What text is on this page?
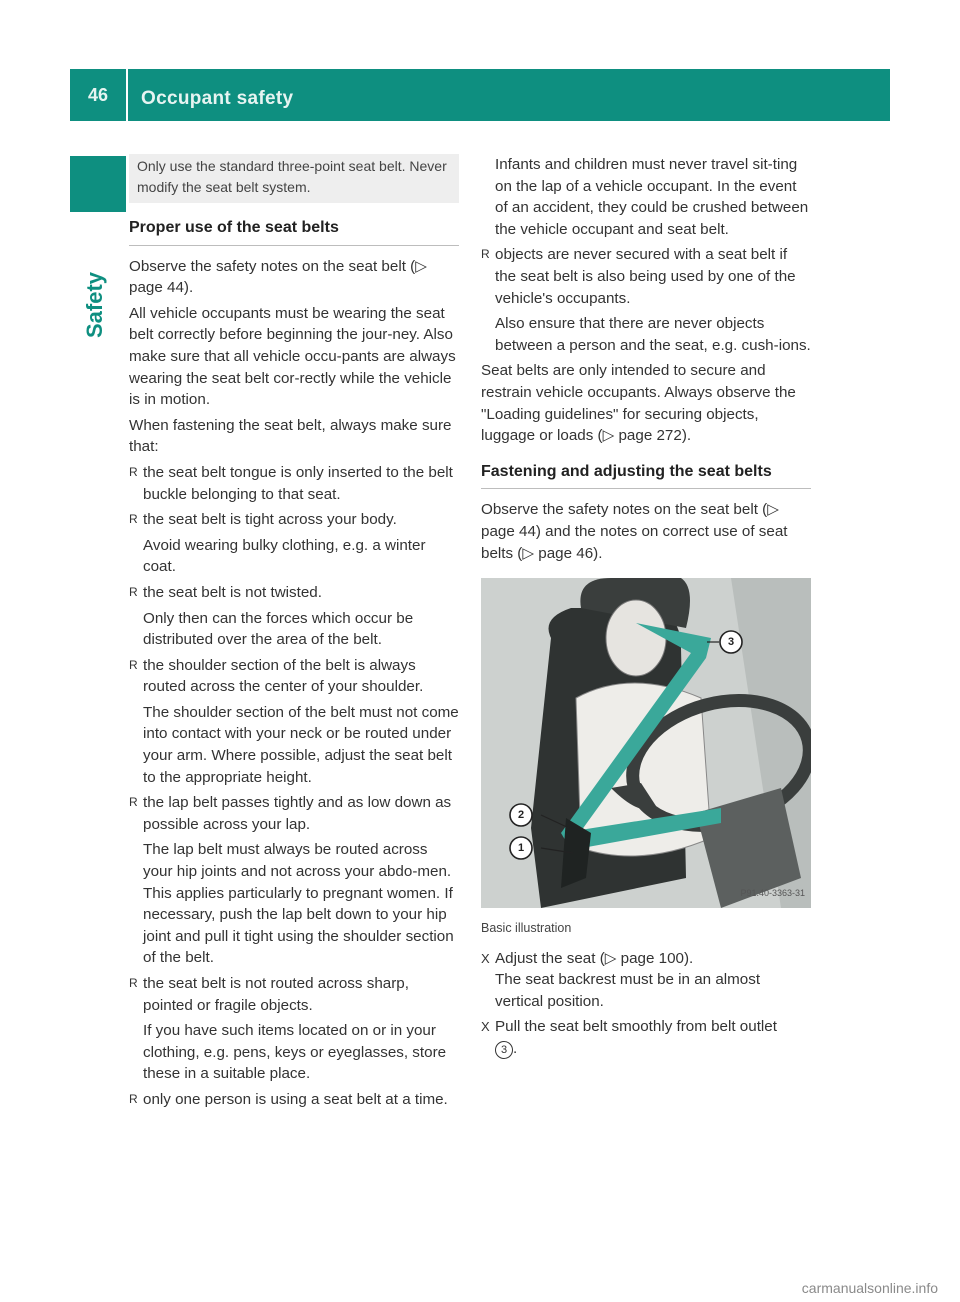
46	Occupant safety
Safety
Only use the standard three-point seat belt. Never modify the seat belt system.
Proper use of the seat belts

Observe the safety notes on the seat belt (▷ page 44).

All vehicle occupants must be wearing the seat belt correctly before beginning the jour-ney. Also make sure that all vehicle occu-pants are always wearing the seat belt cor-rectly while the vehicle is in motion.

When fastening the seat belt, always make sure that:

R the seat belt tongue is only inserted to the belt buckle belonging to that seat.

R the seat belt is tight across your body.

Avoid wearing bulky clothing, e.g. a winter coat.

R the seat belt is not twisted.

Only then can the forces which occur be distributed over the area of the belt.

R the shoulder section of the belt is always routed across the center of your shoulder.

The shoulder section of the belt must not come into contact with your neck or be routed under your arm. Where possible, adjust the seat belt to the appropriate height.

R the lap belt passes tightly and as low down as possible across your lap.

The lap belt must always be routed across your hip joints and not across your abdo-men. This applies particularly to pregnant women. If necessary, push the lap belt down to your hip joint and pull it tight using the shoulder section of the belt.

R the seat belt is not routed across sharp, pointed or fragile objects.

If you have such items located on or in your clothing, e.g. pens, keys or eyeglasses, store these in a suitable place.

R only one person is using a seat belt at a time.

Infants and children must never travel sit-ting on the lap of a vehicle occupant. In the event of an accident, they could be crushed between the vehicle occupant and seat belt.

R objects are never secured with a seat belt if the seat belt is also being used by one of the vehicle's occupants.

Also ensure that there are never objects between a person and the seat, e.g. cush-ions.

Seat belts are only intended to secure and restrain vehicle occupants. Always observe the "Loading guidelines" for securing objects, luggage or loads (▷ page 272).

Fastening and adjusting the seat belts

Observe the safety notes on the seat belt (▷ page 44) and the notes on correct use of seat belts (▷ page 46).

1
2
3
P91.40-3363-31
Basic illustration
X Adjust the seat (▷ page 100).

The seat backrest must be in an almost vertical position.

X Pull the seat belt smoothly from belt outlet
3 .

carmanualsonline.info
